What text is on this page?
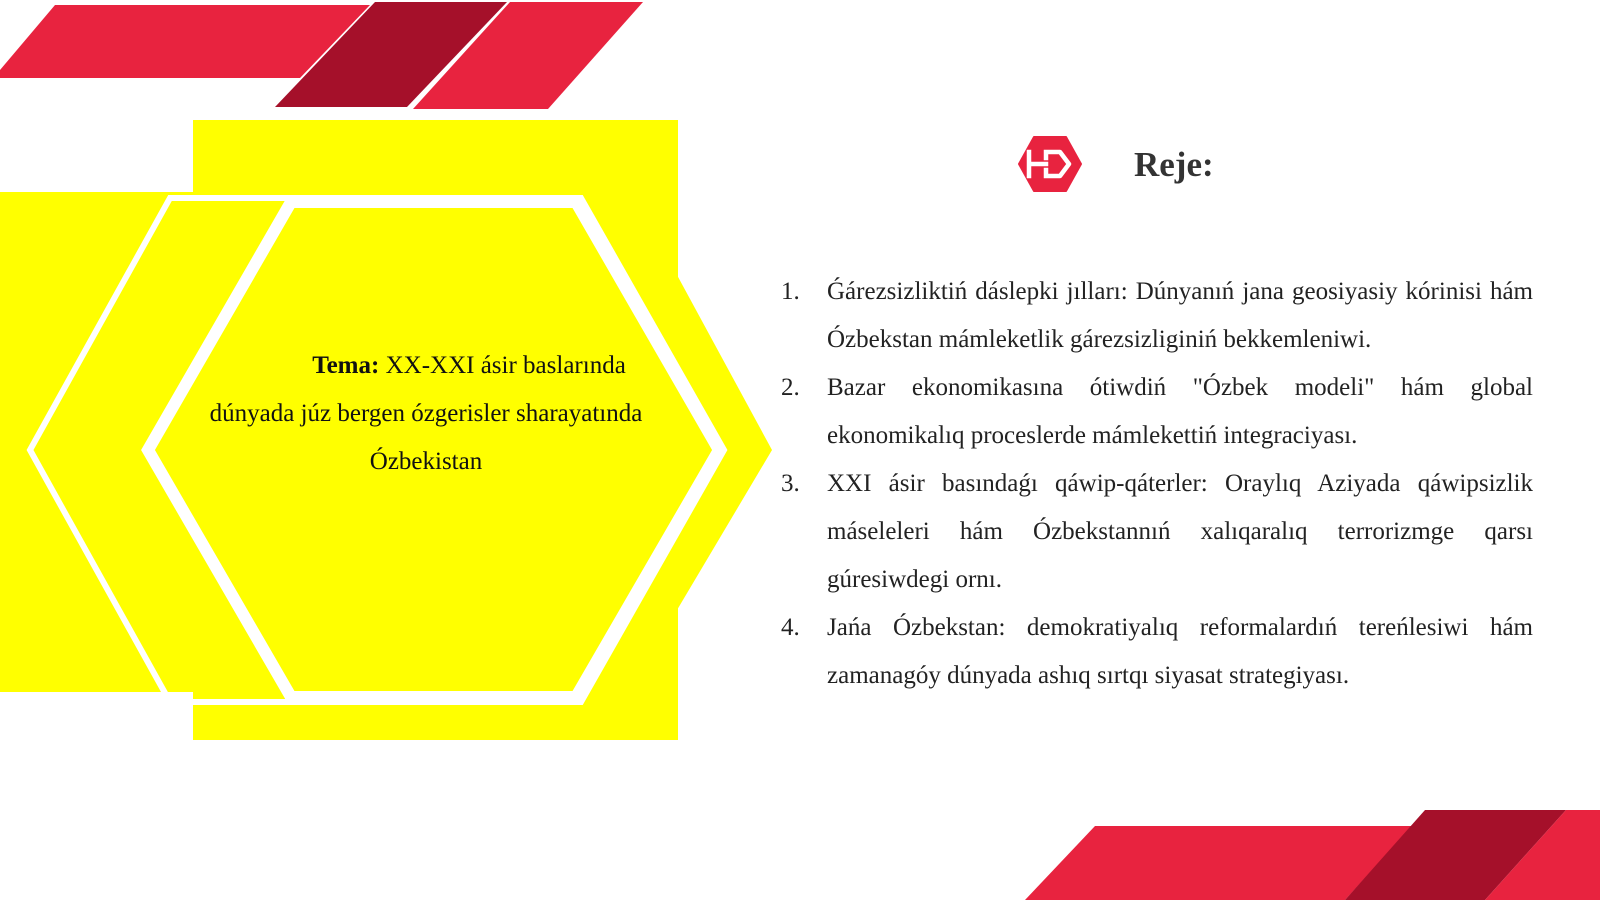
Tema: XX-XXI ásir baslarında dúnyada júz bergen ózgerisler sharayatında Ózbekistan
Reje:
1.	Ǵárezsizliktiń dáslepki jılları: Dúnyanıń jana geosiyasiy kórinisi hám Ózbekstan mámleketlik gárezsizliginiń bekkemleniwi.
2.	Bazar ekonomikasına ótiwdiń "Ózbek modeli" hám global ekonomikalıq proceslerde mámlekettiń integraciyası.
3.	XXI ásir basındaǵı qáwip-qáterler: Oraylıq Aziyada qáwipsizlik máseleleri hám Ózbekstannıń xalıqaralıq terrorizmge qarsı gúresiwdegi ornı.
4.	Jańa Ózbekstan: demokratiyalıq reformalardıń tereńlesiwi hám zamanagóy dúnyada ashıq sırtqı siyasat strategiyası.
